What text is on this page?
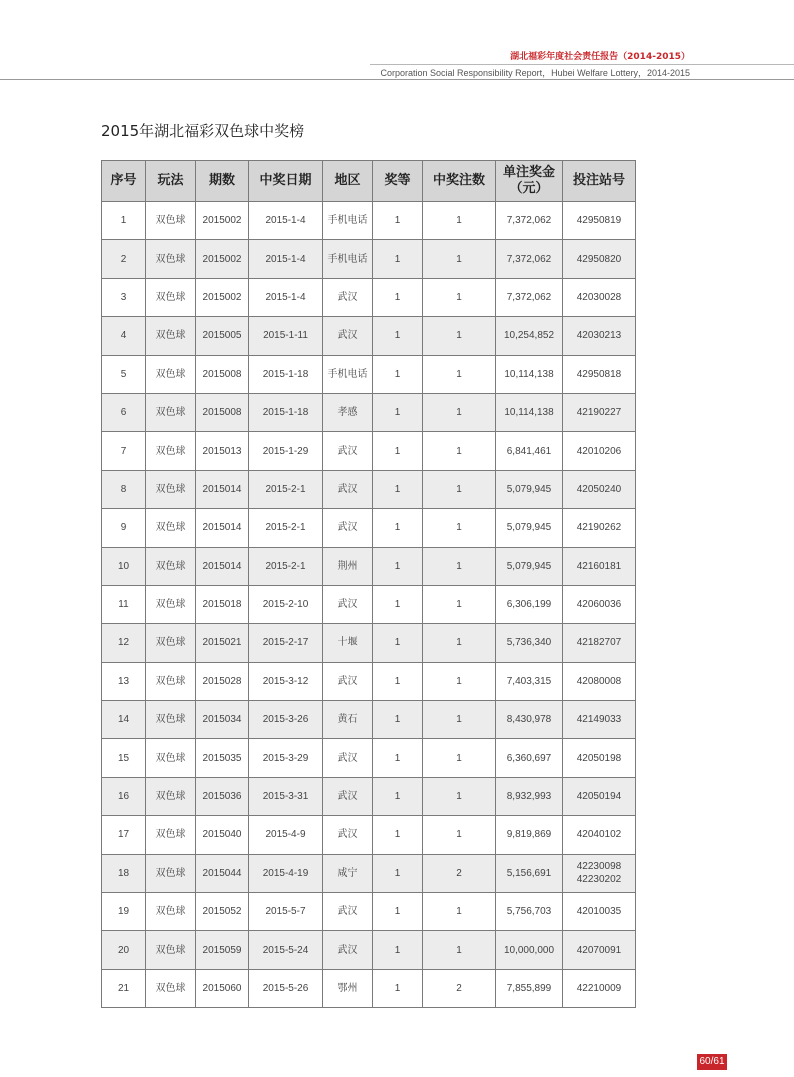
湖北福彩年度社会责任报告（2014-2015）
Corporation Social Responsibility Report，Hubei Welfare Lottery，2014-2015
2015年湖北福彩双色球中奖榜
序号	玩法	期数	中奖日期	地区	奖等	中奖注数	单注奖金（元）	投注站号
1	双色球	2015002	2015-1-4	手机电话	1	1	7,372,062	42950819
2	双色球	2015002	2015-1-4	手机电话	1	1	7,372,062	42950820
3	双色球	2015002	2015-1-4	武汉	1	1	7,372,062	42030028
4	双色球	2015005	2015-1-11	武汉	1	1	10,254,852	42030213
5	双色球	2015008	2015-1-18	手机电话	1	1	10,114,138	42950818
6	双色球	2015008	2015-1-18	孝感	1	1	10,114,138	42190227
7	双色球	2015013	2015-1-29	武汉	1	1	6,841,461	42010206
8	双色球	2015014	2015-2-1	武汉	1	1	5,079,945	42050240
9	双色球	2015014	2015-2-1	武汉	1	1	5,079,945	42190262
10	双色球	2015014	2015-2-1	荆州	1	1	5,079,945	42160181
11	双色球	2015018	2015-2-10	武汉	1	1	6,306,199	42060036
12	双色球	2015021	2015-2-17	十堰	1	1	5,736,340	42182707
13	双色球	2015028	2015-3-12	武汉	1	1	7,403,315	42080008
14	双色球	2015034	2015-3-26	黄石	1	1	8,430,978	42149033
15	双色球	2015035	2015-3-29	武汉	1	1	6,360,697	42050198
16	双色球	2015036	2015-3-31	武汉	1	1	8,932,993	42050194
17	双色球	2015040	2015-4-9	武汉	1	1	9,819,869	42040102
18	双色球	2015044	2015-4-19	咸宁	1	2	5,156,691	42230098
42230202

19	双色球	2015052	2015-5-7	武汉	1	1	5,756,703	42010035
20	双色球	2015059	2015-5-24	武汉	1	1	10,000,000	42070091
21	双色球	2015060	2015-5-26	鄂州	1	2	7,855,899	42210009
60/61
